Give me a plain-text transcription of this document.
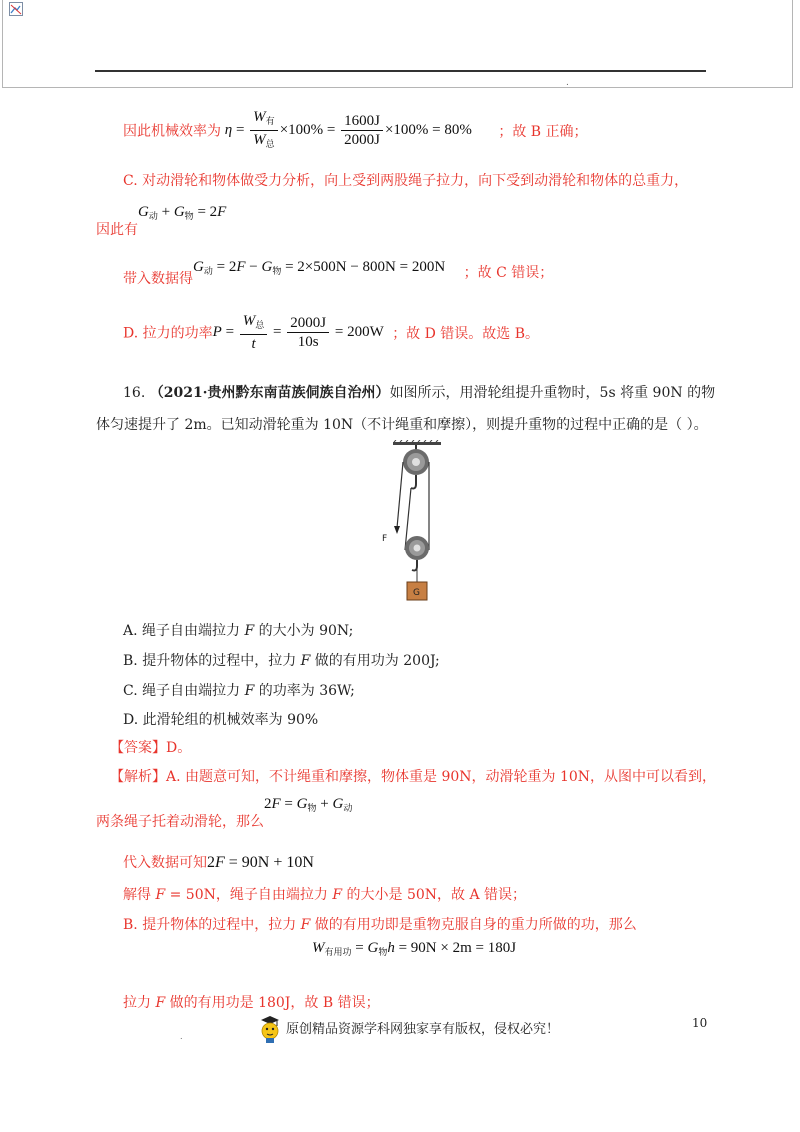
.
因此机械效率为 $\eta = \frac{W_有}{W_总} \times 100\% = \frac{1600J}{2000J} \times 100\% = 80\%$ ；故 B 正确；
C. 对动滑轮和物体做受力分析，向上受到两股绳子拉力，向下受到动滑轮和物体的总重力，
因此有$G_动 + G_物 = 2F$
带入数据得$G_动 = 2F - G_物 = 2\times 500N - 800N = 200N$ ；故 C 错误；
D. 拉力的功率$P = \frac{W_总}{t} = \frac{2000J}{10s} = 200W$ ；故 D 错误。故选 B。
16. （2021·贵州黔东南苗族侗族自治州）如图所示，用滑轮组提升重物时，5s 将重 90N 的物
体匀速提升了 2m。已知动滑轮重为 10N（不计绳重和摩擦），则提升重物的过程中正确的是（ ）。
F
G
A. 绳子自由端拉力 F 的大小为 90N;
B. 提升物体的过程中，拉力 F 做的有用功为 200J;
C. 绳子自由端拉力 F 的功率为 36W;
D. 此滑轮组的机械效率为 90%
【答案】D。
【解析】A. 由题意可知，不计绳重和摩擦，物体重是 90N，动滑轮重为 10N，从图中可以看到，
两条绳子托着动滑轮，那么$2F = G_物 + G_动$
代入数据可知2F = 90N + 10N
解得 F = 50N，绳子自由端拉力 F 的大小是 50N，故 A 错误；
B. 提升物体的过程中，拉力 F 做的有用功即是重物克服自身的重力所做的功，那么
$W_{有用功} = G_物h = 90N \times 2m = 180J$
拉力 F 做的有用功是 180J，故 B 错误；
10
原创精品资源学科网独家享有版权，侵权必究！
.
